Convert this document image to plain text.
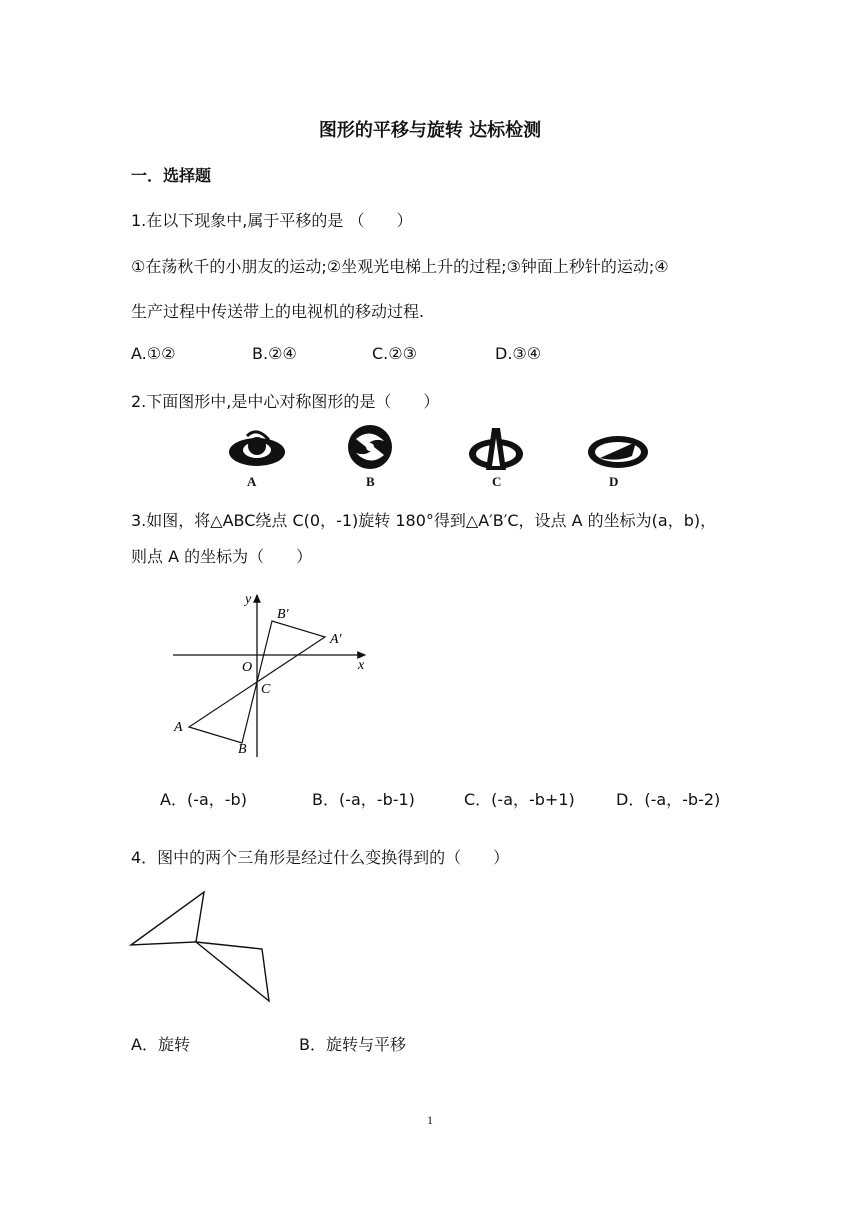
图形的平移与旋转 达标检测
一．选择题
1.在以下现象中,属于平移的是 （　　）
①在荡秋千的小朋友的运动;②坐观光电梯上升的过程;③钟面上秒针的运动;④
生产过程中传送带上的电视机的移动过程.
A.①②	B.②④	C.②③	D.③④
2.下面图形中,是中心对称图形的是（　　）
A	B	C	D
3.如图，将△ABC绕点 C(0，-1)旋转 180°得到△A′B′C，设点 A 的坐标为(a，b)，
则点 A 的坐标为（　　）
y
x
O
C
A
B
A′
B′
A．(-a，-b)	B．(-a，-b-1)	C．(-a，-b+1)	D．(-a，-b-2)
4．图中的两个三角形是经过什么变换得到的（　　）
A．旋转	B．旋转与平移
1
